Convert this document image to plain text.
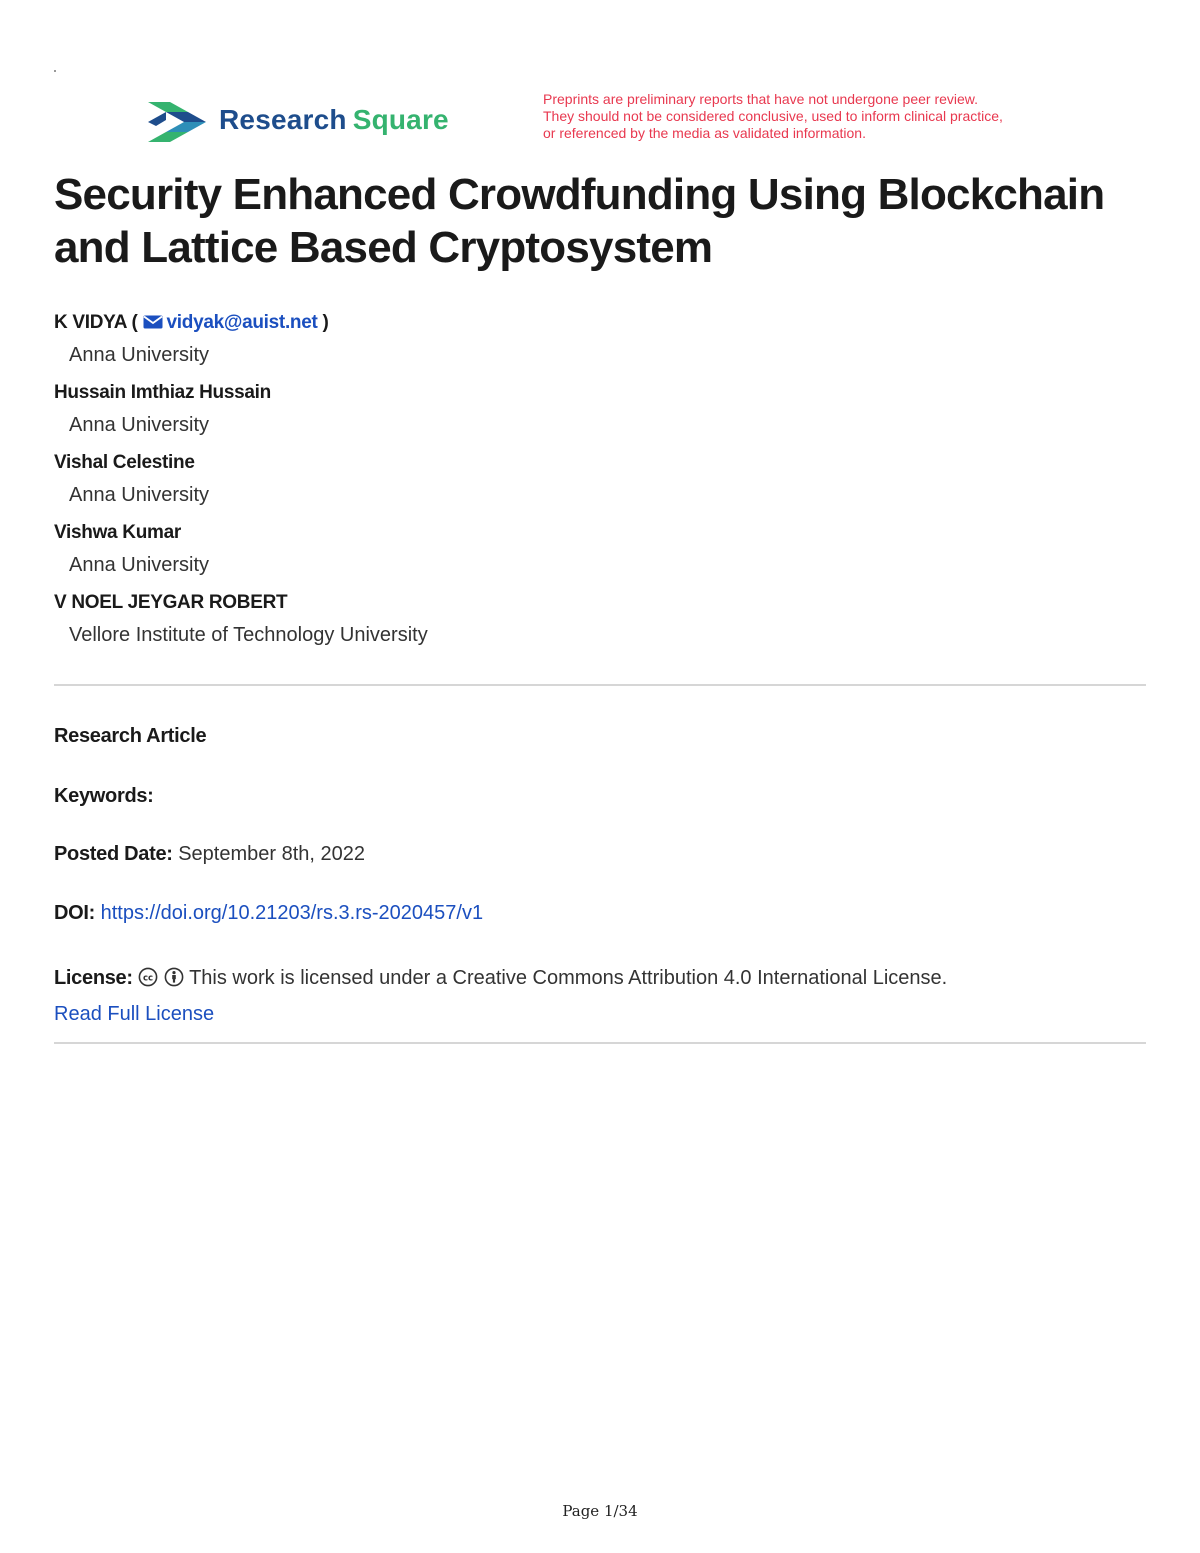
Research Square
Preprints are preliminary reports that have not undergone peer review.
They should not be considered conclusive, used to inform clinical practice,
or referenced by the media as validated information.
Security Enhanced Crowdfunding Using Blockchain and Lattice Based Cryptosystem
K VIDYA ( vidyak@auist.net )
Anna University
Hussain Imthiaz Hussain
Anna University
Vishal Celestine
Anna University
Vishwa Kumar
Anna University
V NOEL JEYGAR ROBERT
Vellore Institute of Technology University
Research Article
Keywords:
Posted Date: September 8th, 2022
DOI: https://doi.org/10.21203/rs.3.rs-2020457/v1
License: cc This work is licensed under a Creative Commons Attribution 4.0 International License.
Read Full License
Page 1/34
